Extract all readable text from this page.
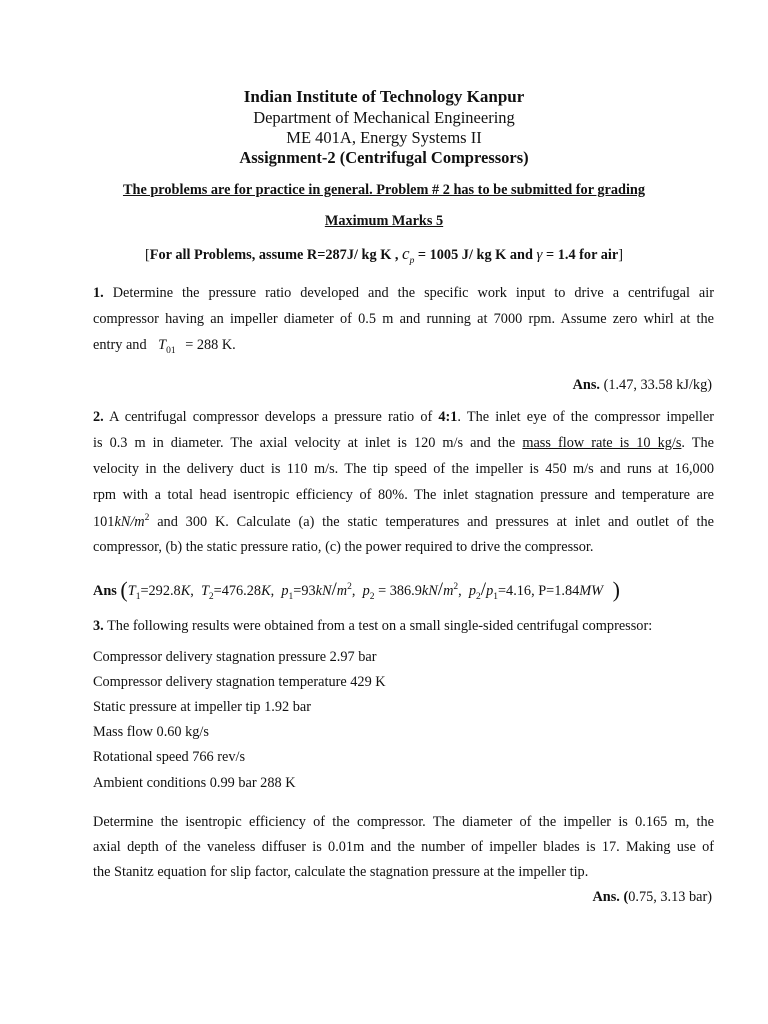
Indian Institute of Technology Kanpur
Department of Mechanical Engineering
ME 401A, Energy Systems II
Assignment-2 (Centrifugal Compressors)
The problems are for practice in general. Problem # 2 has to be submitted for grading
Maximum Marks 5
[For all Problems, assume R=287J/ kg K , $c_p = 1005$ J/ kg K and γ = 1.4 for air]
1. Determine the pressure ratio developed and the specific work input to drive a centrifugal air
compressor having an impeller diameter of 0.5 m and running at 7000 rpm. Assume zero whirl at the
entry and $T_{01} = 288$ K.
Ans. (1.47, 33.58 kJ/kg)
2. A centrifugal compressor develops a pressure ratio of 4:1. The inlet eye of the compressor impeller
is 0.3 m in diameter. The axial velocity at inlet is 120 m/s and the mass flow rate is 10 kg/s. The
velocity in the delivery duct is 110 m/s. The tip speed of the impeller is 450 m/s and runs at 16,000
rpm with a total head isentropic efficiency of 80%. The inlet stagnation pressure and temperature are
$101kN/m^2$ and 300 K. Calculate (a) the static temperatures and pressures at inlet and outlet of the
compressor, (b) the static pressure ratio, (c) the power required to drive the compressor.
Ans ($T_1=292.8K$,  $T_2=476.28K$,  $p_1=93kN/m^2$,  $p_2 = 386.9kN/m^2$,  $p_2/p_1=4.16$, P=1.84MW )
3. The following results were obtained from a test on a small single-sided centrifugal compressor:
Compressor delivery stagnation pressure 2.97 bar
Compressor delivery stagnation temperature 429 K
Static pressure at impeller tip 1.92 bar
Mass flow 0.60 kg/s
Rotational speed 766 rev/s
Ambient conditions 0.99 bar 288 K
Determine the isentropic efficiency of the compressor. The diameter of the impeller is 0.165 m, the
axial depth of the vaneless diffuser is 0.01m and the number of impeller blades is 17. Making use of
the Stanitz equation for slip factor, calculate the stagnation pressure at the impeller tip.
Ans. (0.75, 3.13 bar)
